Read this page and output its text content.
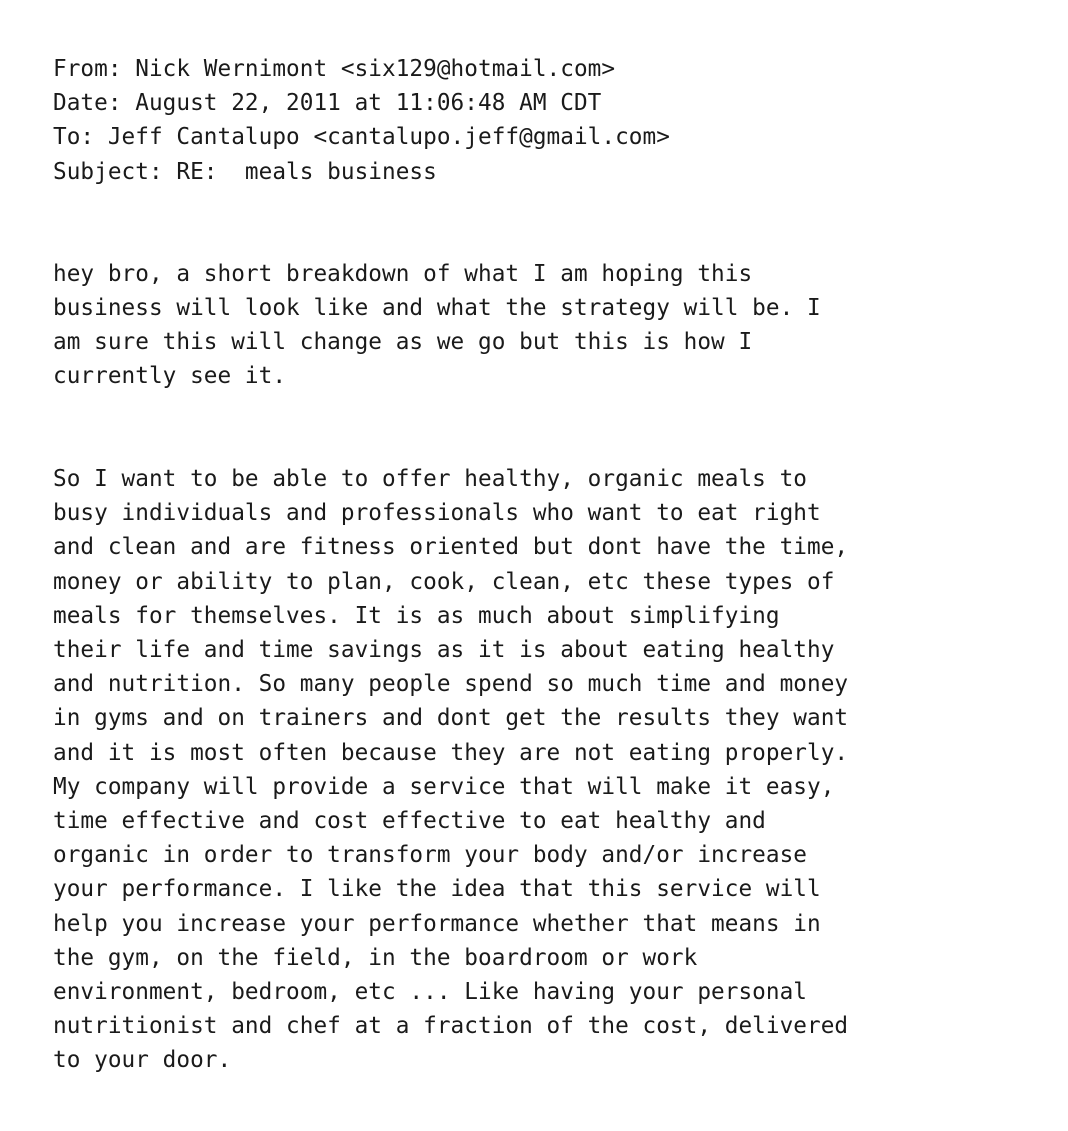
From: Nick Wernimont <six129@hotmail.com>
Date: August 22, 2011 at 11:06:48 AM CDT
To: Jeff Cantalupo <cantalupo.jeff@gmail.com>
Subject: RE:  meals business
hey bro, a short breakdown of what I am hoping this
business will look like and what the strategy will be. I
am sure this will change as we go but this is how I
currently see it.
So I want to be able to offer healthy, organic meals to
busy individuals and professionals who want to eat right
and clean and are fitness oriented but dont have the time,
money or ability to plan, cook, clean, etc these types of
meals for themselves. It is as much about simplifying
their life and time savings as it is about eating healthy
and nutrition. So many people spend so much time and money
in gyms and on trainers and dont get the results they want
and it is most often because they are not eating properly.
My company will provide a service that will make it easy,
time effective and cost effective to eat healthy and
organic in order to transform your body and/or increase
your performance. I like the idea that this service will
help you increase your performance whether that means in
the gym, on the field, in the boardroom or work
environment, bedroom, etc ... Like having your personal
nutritionist and chef at a fraction of the cost, delivered
to your door.
